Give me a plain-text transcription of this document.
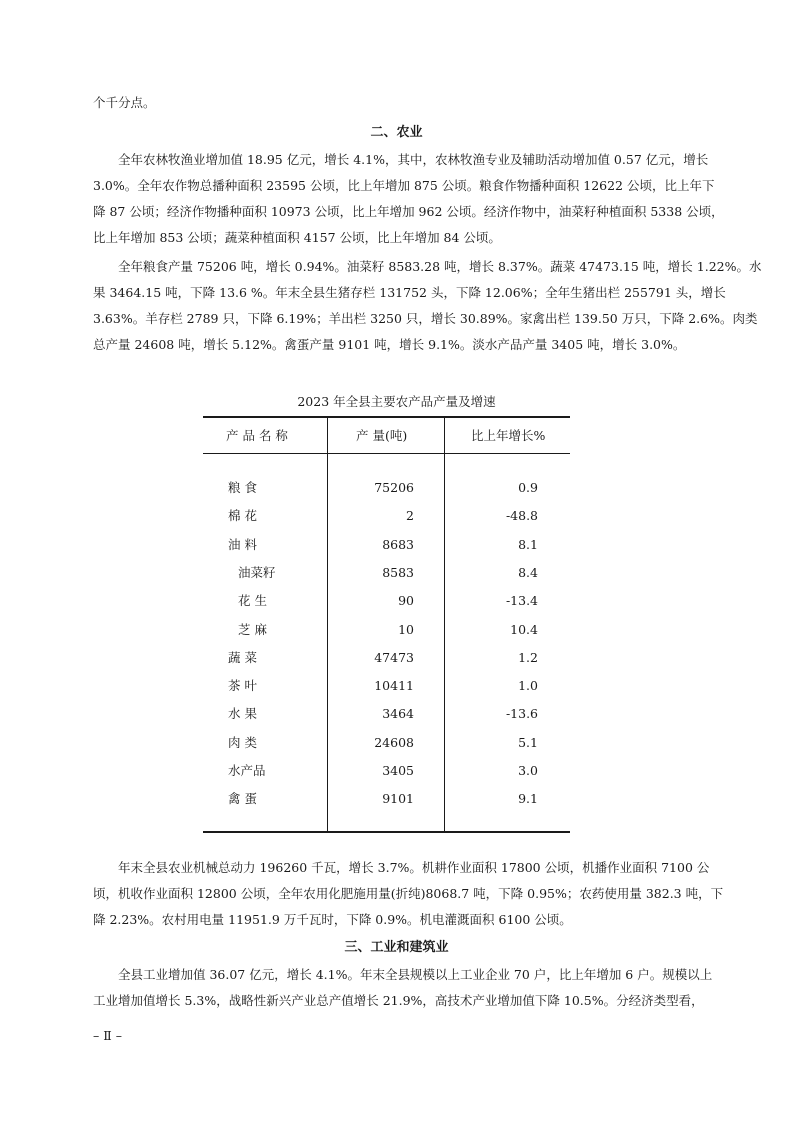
个千分点。
二、农业
　　全年农林牧渔业增加值 18.95 亿元，增长 4.1%，其中，农林牧渔专业及辅助活动增加值 0.57 亿元，增长
3.0%。全年农作物总播种面积 23595 公顷，比上年增加 875 公顷。粮食作物播种面积 12622 公顷，比上年下
降 87 公顷；经济作物播种面积 10973 公顷，比上年增加 962 公顷。经济作物中，油菜籽种植面积 5338 公顷，
比上年增加 853 公顷；蔬菜种植面积 4157 公顷，比上年增加 84 公顷。
　　全年粮食产量 75206 吨，增长 0.94%。油菜籽 8583.28 吨，增长 8.37%。蔬菜 47473.15 吨，增长 1.22%。水
果 3464.15 吨，下降 13.6 %。年末全县生猪存栏 131752 头，下降 12.06%；全年生猪出栏 255791 头，增长
3.63%。羊存栏 2789 只，下降 6.19%；羊出栏 3250 只，增长 30.89%。家禽出栏 139.50 万只，下降 2.6%。肉类
总产量 24608 吨，增长 5.12%。禽蛋产量 9101 吨，增长 9.1%。淡水产品产量 3405 吨，增长 3.0%。
2023 年全县主要农产品产量及增速
产 品 名 称	产 量(吨)	比上年增长%
粮 食	75206	0.9
棉 花	2	-48.8
油 料	8683	8.1
油菜籽	8583	8.4
花 生	90	-13.4
芝 麻	10	10.4
蔬 菜	47473	1.2
茶 叶	10411	1.0
水 果	3464	-13.6
肉 类	24608	5.1
水产品	3405	3.0
禽 蛋	9101	9.1
　　年末全县农业机械总动力 196260 千瓦，增长 3.7%。机耕作业面积 17800 公顷，机播作业面积 7100 公
顷，机收作业面积 12800 公顷，全年农用化肥施用量(折纯)8068.7 吨，下降 0.95%；农药使用量 382.3 吨，下
降 2.23%。农村用电量 11951.9 万千瓦时，下降 0.9%。机电灌溉面积 6100 公顷。
三、工业和建筑业
　　全县工业增加值 36.07 亿元，增长 4.1%。年末全县规模以上工业企业 70 户，比上年增加 6 户。规模以上
工业增加值增长 5.3%，战略性新兴产业总产值增长 21.9%，高技术产业增加值下降 10.5%。分经济类型看，
– Ⅱ –
